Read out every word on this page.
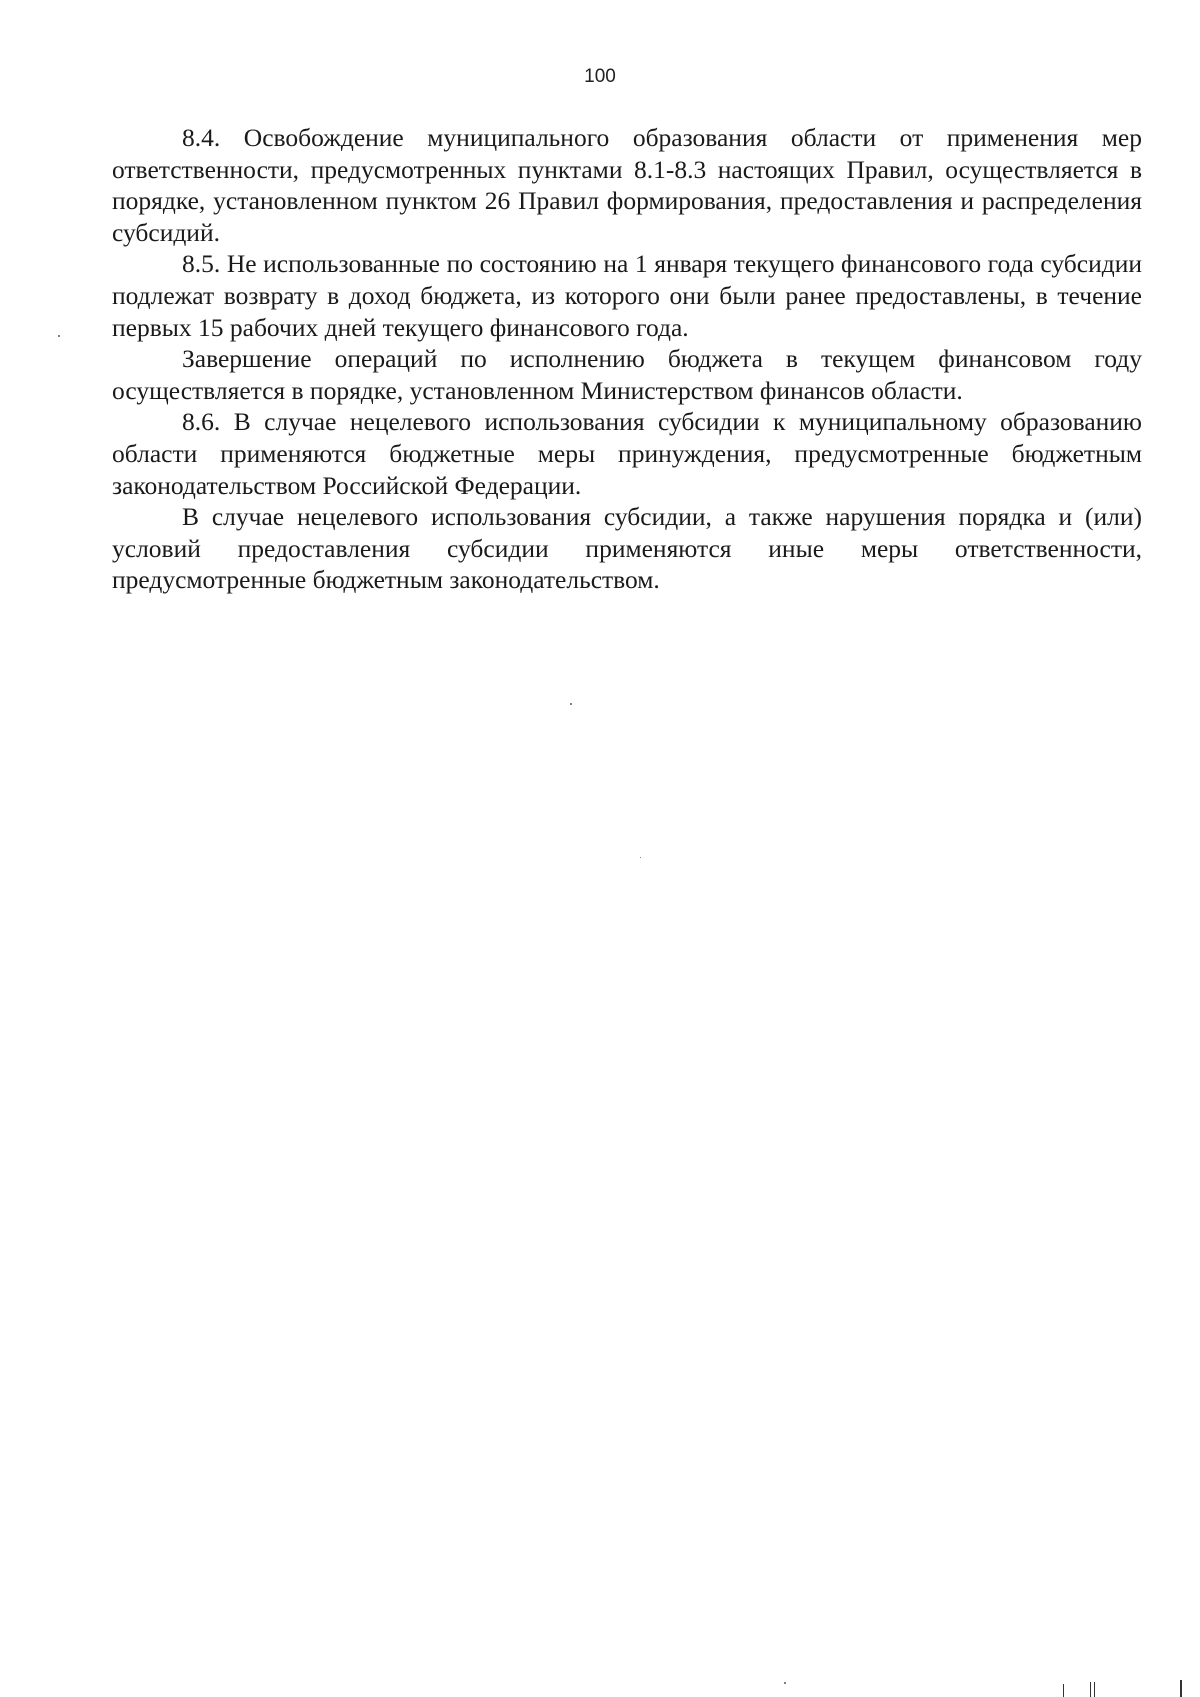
100

8.4. Освобождение муниципального образования области от применения мер ответственности, предусмотренных пунктами 8.1-8.3 настоящих Правил, осуществляется в порядке, установленном пунктом 26 Правил формирования, предоставления и распределения субсидий.

8.5. Не использованные по состоянию на 1 января текущего финансового года субсидии подлежат возврату в доход бюджета, из которого они были ранее предоставлены, в течение первых 15 рабочих дней текущего финансового года.

Завершение операций по исполнению бюджета в текущем финансовом году осуществляется в порядке, установленном Министерством финансов области.

8.6. В случае нецелевого использования субсидии к муниципальному образованию области применяются бюджетные меры принуждения, предусмотренные бюджетным законодательством Российской Федерации.

В случае нецелевого использования субсидии, а также нарушения порядка и (или) условий предоставления субсидии применяются иные меры ответственности, предусмотренные бюджетным законодательством.
